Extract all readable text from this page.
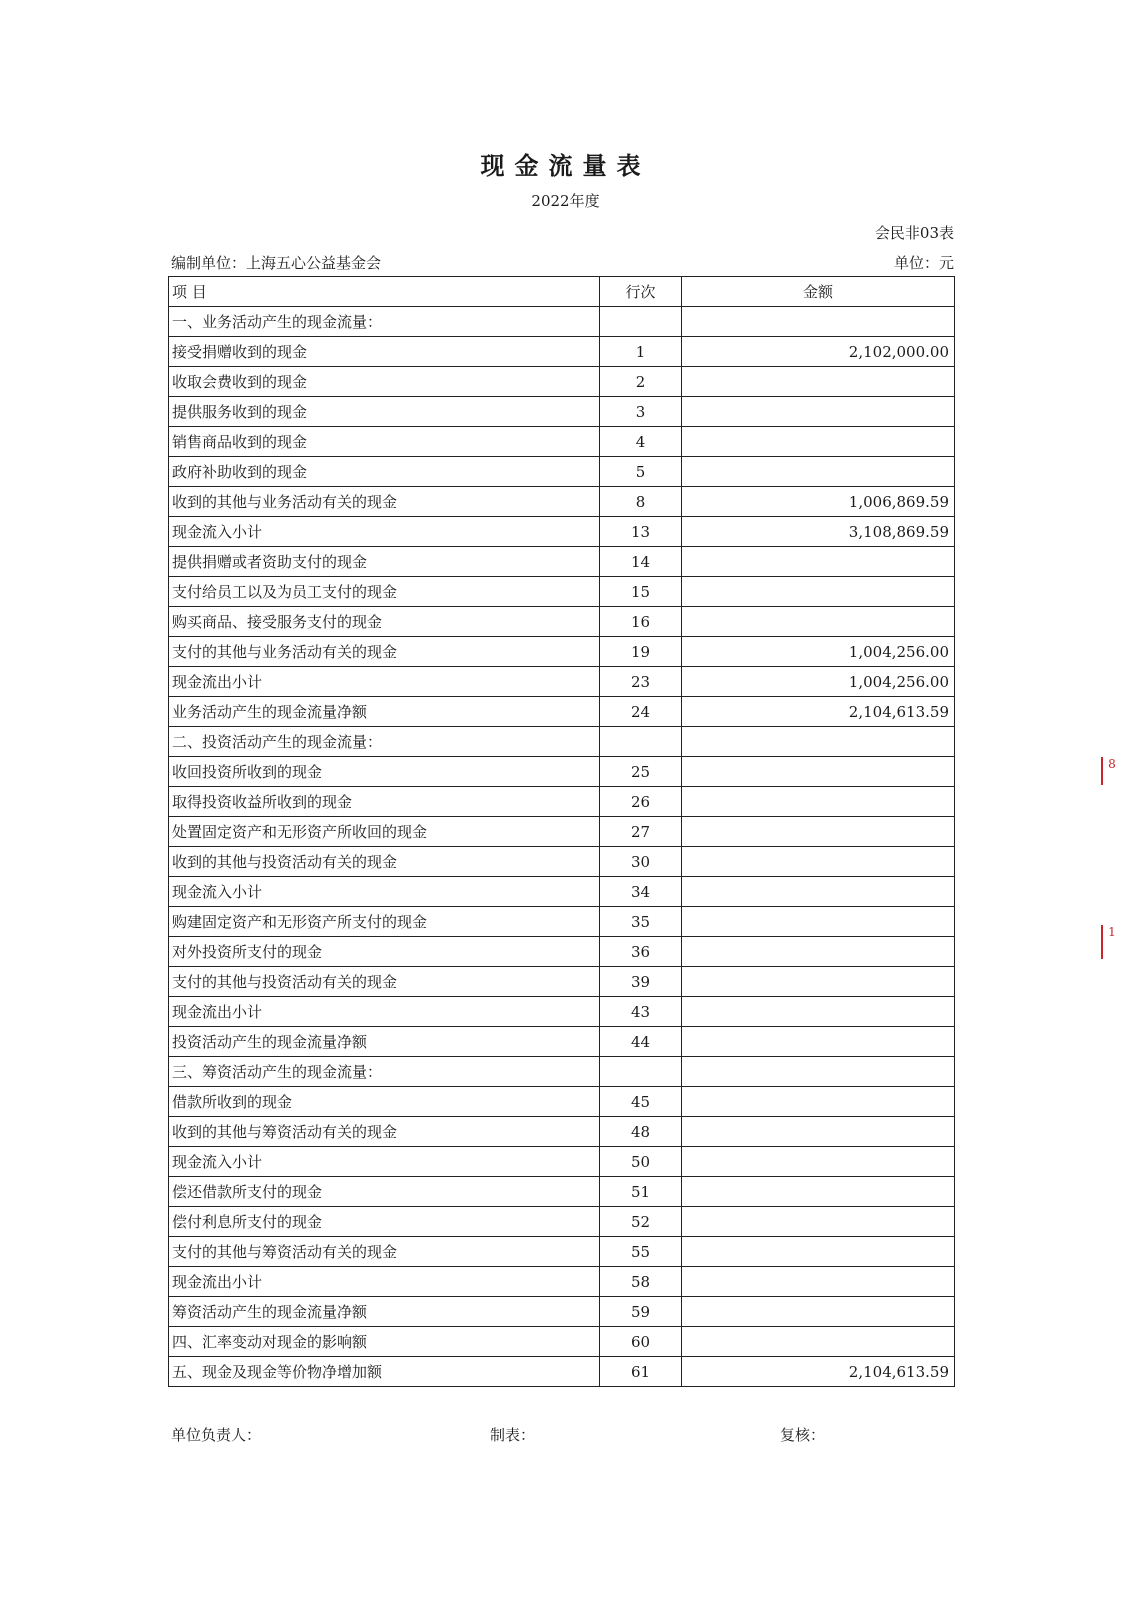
现金流量表
2022年度
会民非03表
编制单位：上海五心公益基金会	单位：元
项 目	行次	金额
一、业务活动产生的现金流量：		
接受捐赠收到的现金	1	2,102,000.00
收取会费收到的现金	2	
提供服务收到的现金	3	
销售商品收到的现金	4	
政府补助收到的现金	5	
收到的其他与业务活动有关的现金	8	1,006,869.59
现金流入小计	13	3,108,869.59
提供捐赠或者资助支付的现金	14	
支付给员工以及为员工支付的现金	15	
购买商品、接受服务支付的现金	16	
支付的其他与业务活动有关的现金	19	1,004,256.00
现金流出小计	23	1,004,256.00
业务活动产生的现金流量净额	24	2,104,613.59
二、投资活动产生的现金流量：		
收回投资所收到的现金	25	
取得投资收益所收到的现金	26	
处置固定资产和无形资产所收回的现金	27	
收到的其他与投资活动有关的现金	30	
现金流入小计	34	
购建固定资产和无形资产所支付的现金	35	
对外投资所支付的现金	36	
支付的其他与投资活动有关的现金	39	
现金流出小计	43	
投资活动产生的现金流量净额	44	
三、筹资活动产生的现金流量：		
借款所收到的现金	45	
收到的其他与筹资活动有关的现金	48	
现金流入小计	50	
偿还借款所支付的现金	51	
偿付利息所支付的现金	52	
支付的其他与筹资活动有关的现金	55	
现金流出小计	58	
筹资活动产生的现金流量净额	59	
四、汇率变动对现金的影响额	60	
五、现金及现金等价物净增加额	61	2,104,613.59
单位负责人：	制表：	复核：
8
1
